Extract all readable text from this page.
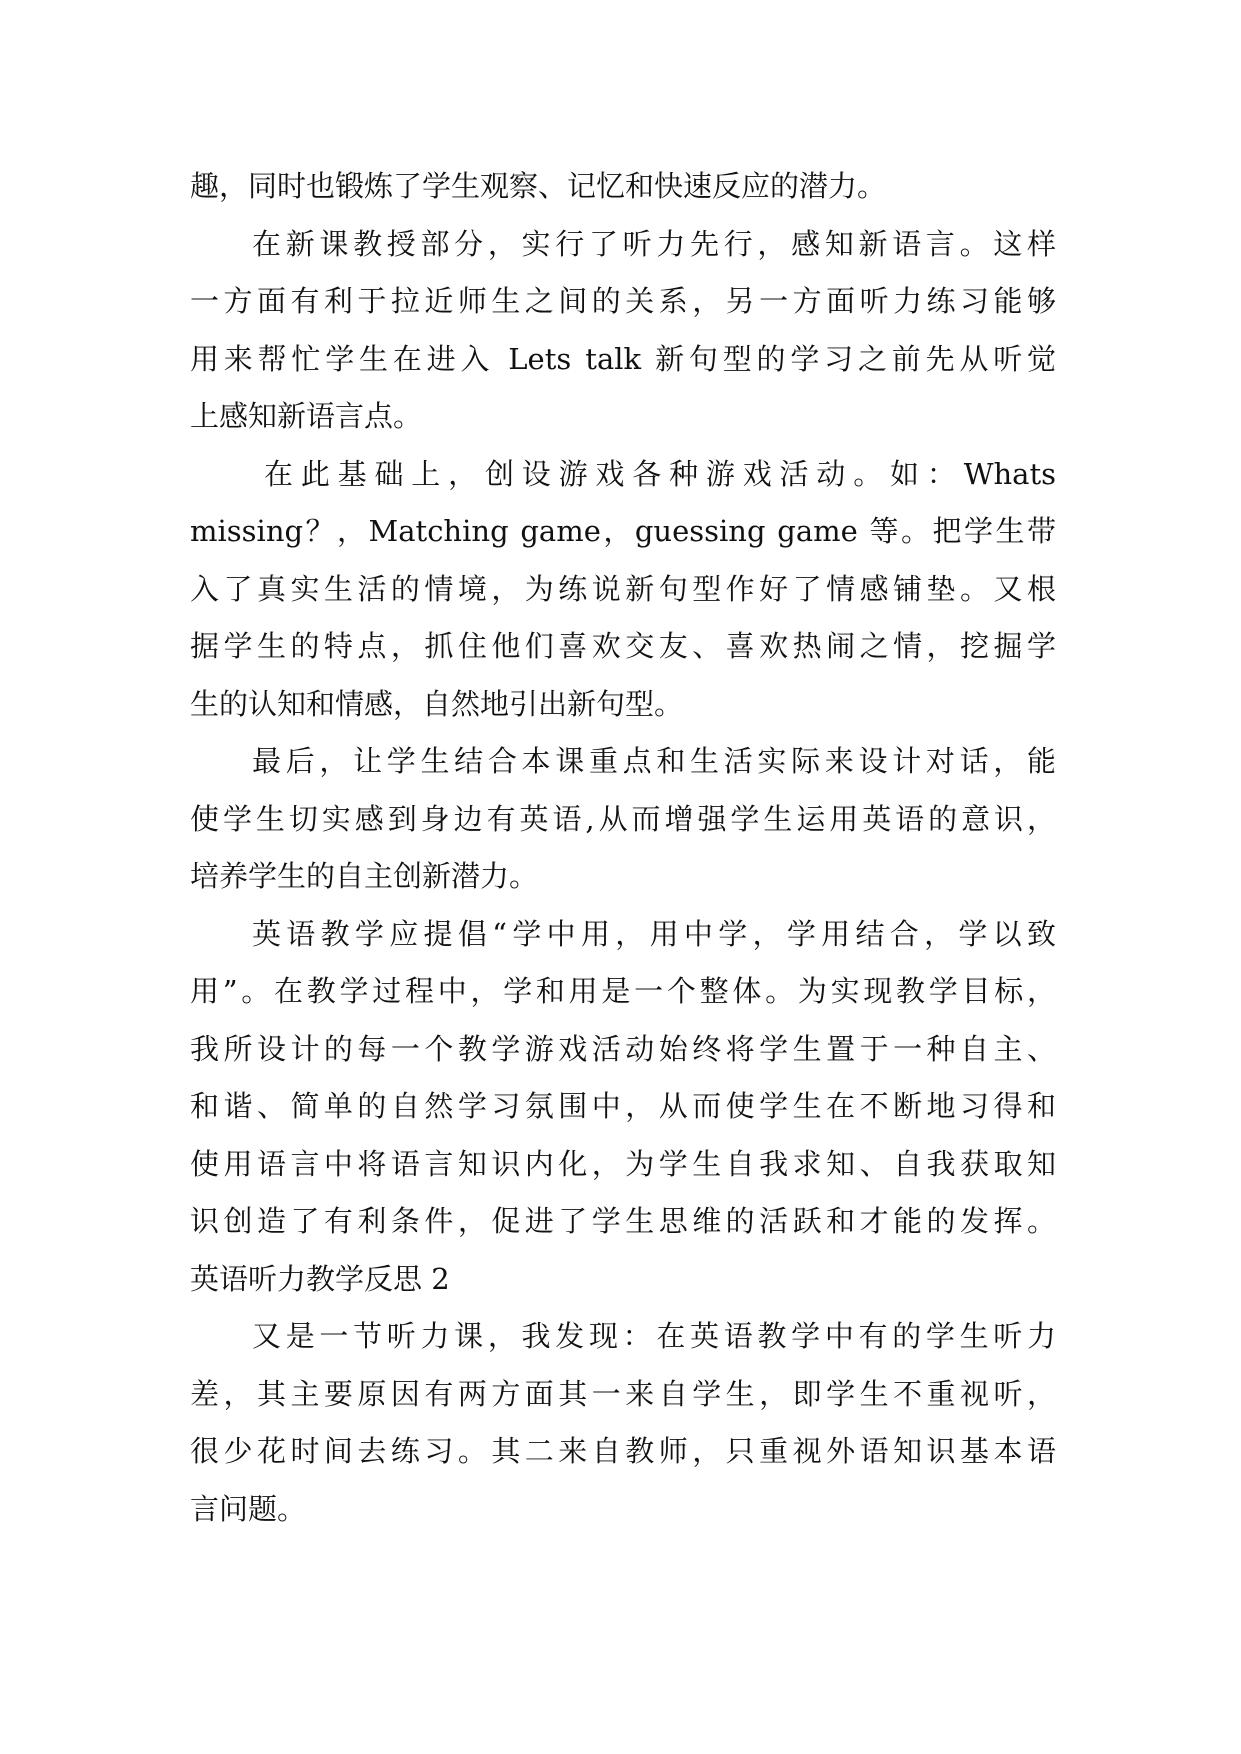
趣，同时也锻炼了学生观察、记忆和快速反应的潜力。
在新课教授部分，实行了听力先行，感知新语言。这样
一方面有利于拉近师生之间的关系，另一方面听力练习能够
用来帮忙学生在进入 Lets talk 新句型的学习之前先从听觉
上感知新语言点。
在此基础上，创设游戏各种游戏活动。如：Whats
missing？，Matching game，guessing game 等。把学生带
入了真实生活的情境，为练说新句型作好了情感铺垫。又根
据学生的特点，抓住他们喜欢交友、喜欢热闹之情，挖掘学
生的认知和情感，自然地引出新句型。
最后，让学生结合本课重点和生活实际来设计对话，能
使学生切实感到身边有英语,从而增强学生运用英语的意识，
培养学生的自主创新潜力。
英语教学应提倡“学中用，用中学，学用结合，学以致
用”。在教学过程中，学和用是一个整体。为实现教学目标，
我所设计的每一个教学游戏活动始终将学生置于一种自主、
和谐、简单的自然学习氛围中，从而使学生在不断地习得和
使用语言中将语言知识内化，为学生自我求知、自我获取知
识创造了有利条件，促进了学生思维的活跃和才能的发挥。
英语听力教学反思 2
又是一节听力课，我发现：在英语教学中有的学生听力
差，其主要原因有两方面其一来自学生，即学生不重视听，
很少花时间去练习。其二来自教师，只重视外语知识基本语
言问题。
